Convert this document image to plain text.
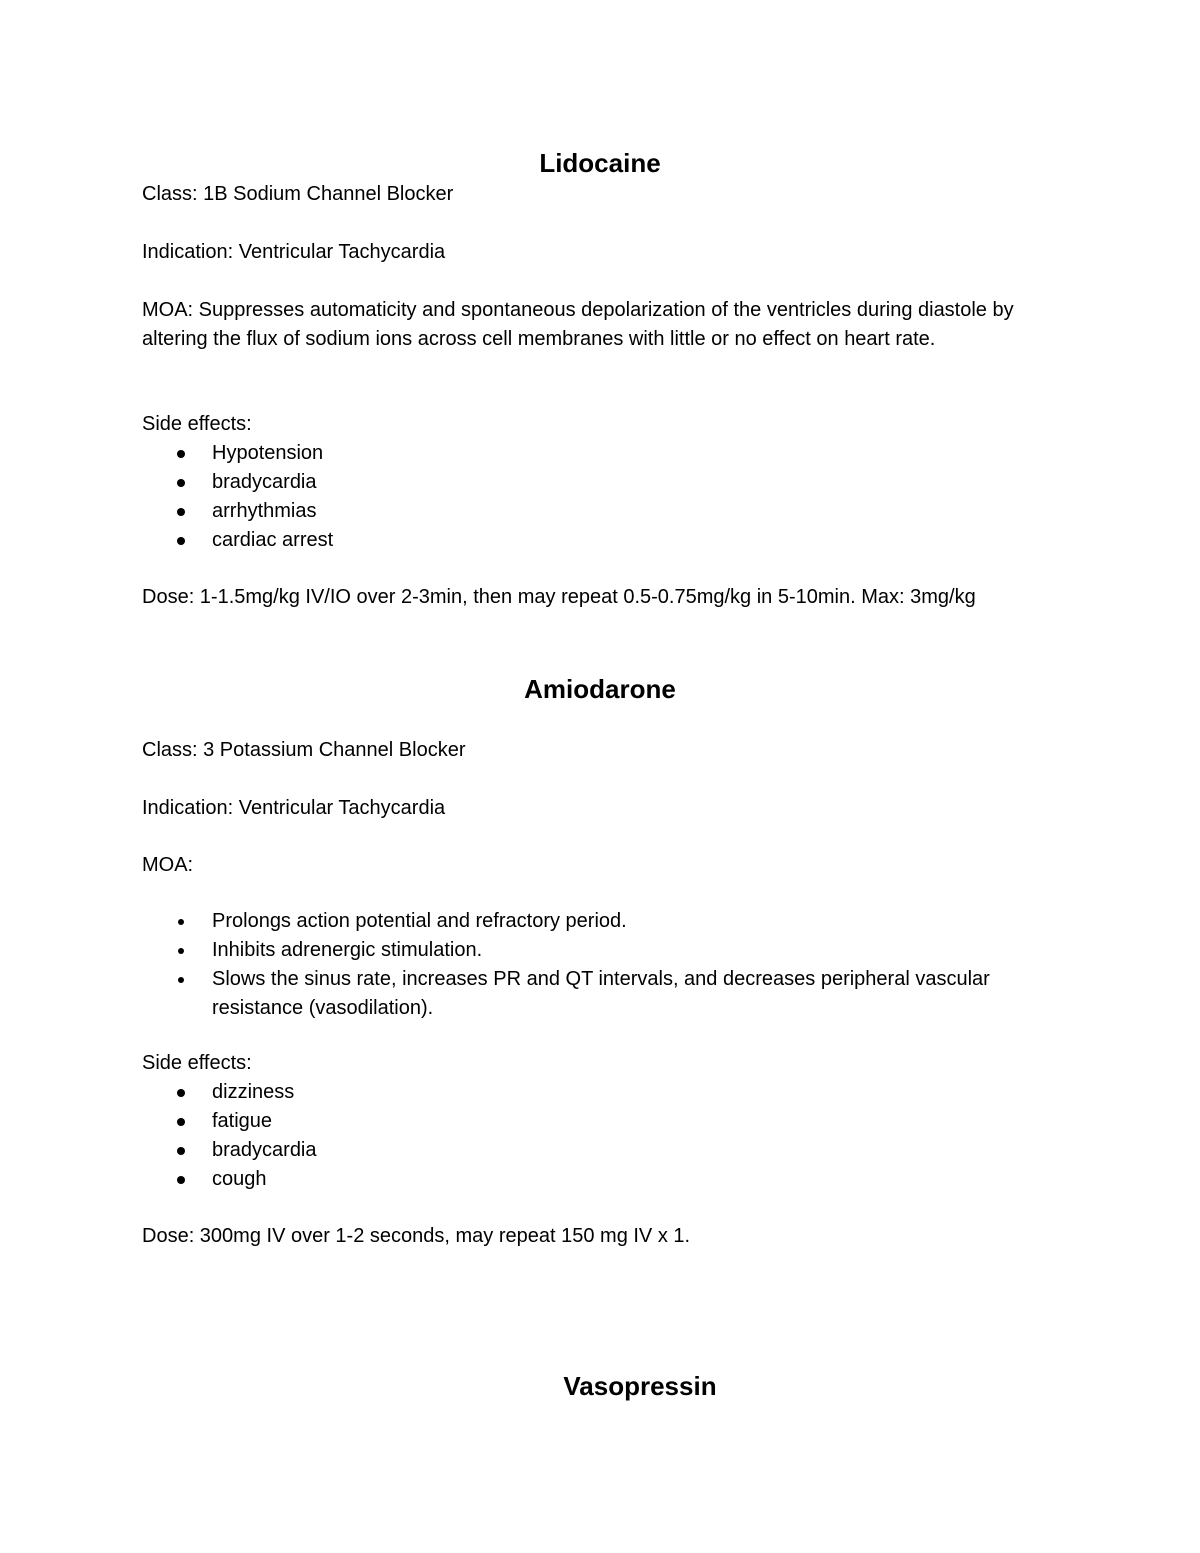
Lidocaine
Class: 1B Sodium Channel Blocker
Indication: Ventricular Tachycardia
MOA: Suppresses automaticity and spontaneous depolarization of the ventricles during diastole by altering the flux of sodium ions across cell membranes with little or no effect on heart rate.
Side effects:
Hypotension
bradycardia
arrhythmias
cardiac arrest
Dose: 1-1.5mg/kg IV/IO over 2-3min, then may repeat 0.5-0.75mg/kg in 5-10min. Max: 3mg/kg
Amiodarone
Class: 3 Potassium Channel Blocker
Indication: Ventricular Tachycardia
MOA:
Prolongs action potential and refractory period.
Inhibits adrenergic stimulation.
Slows the sinus rate, increases PR and QT intervals, and decreases peripheral vascular resistance (vasodilation).
Side effects:
dizziness
fatigue
bradycardia
cough
Dose: 300mg IV over 1-2 seconds, may repeat 150 mg IV x 1.
Vasopressin
